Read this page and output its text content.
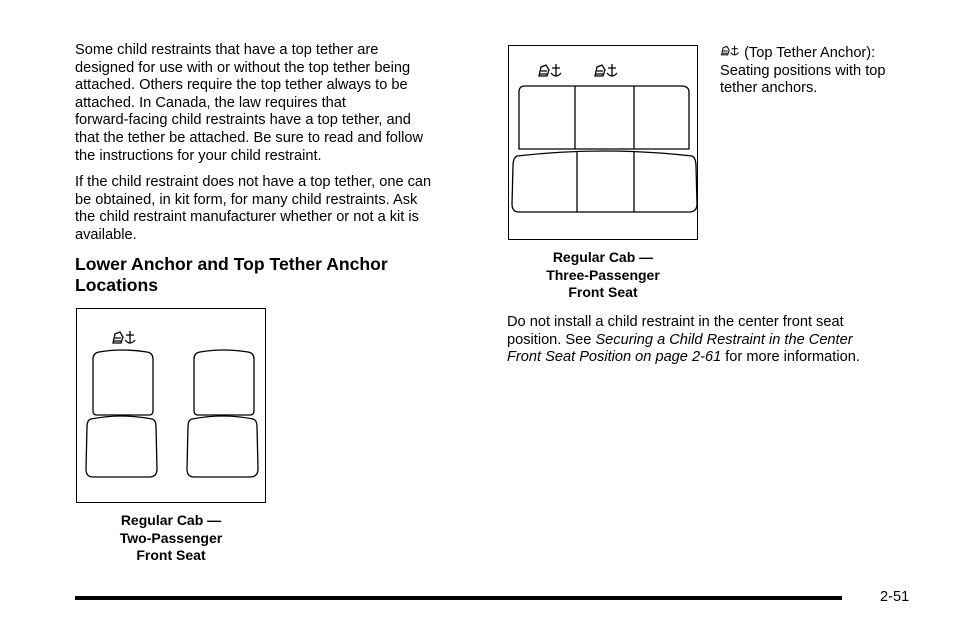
Some child restraints that have a top tether are
designed for use with or without the top tether being
attached. Others require the top tether always to be
attached. In Canada, the law requires that
forward-facing child restraints have a top tether, and
that the tether be attached. Be sure to read and follow
the instructions for your child restraint.

If the child restraint does not have a top tether, one can
be obtained, in kit form, for many child restraints. Ask
the child restraint manufacturer whether or not a kit is
available.

Lower Anchor and Top Tether Anchor
Locations
Regular Cab —
Two-Passenger
Front Seat
Regular Cab —
Three-Passenger
Front Seat

(Top Tether Anchor):
Seating positions with top
tether anchors.

Do not install a child restraint in the center front seat
position. See Securing a Child Restraint in the Center
Front Seat Position on page 2-61 for more information.

2-51
